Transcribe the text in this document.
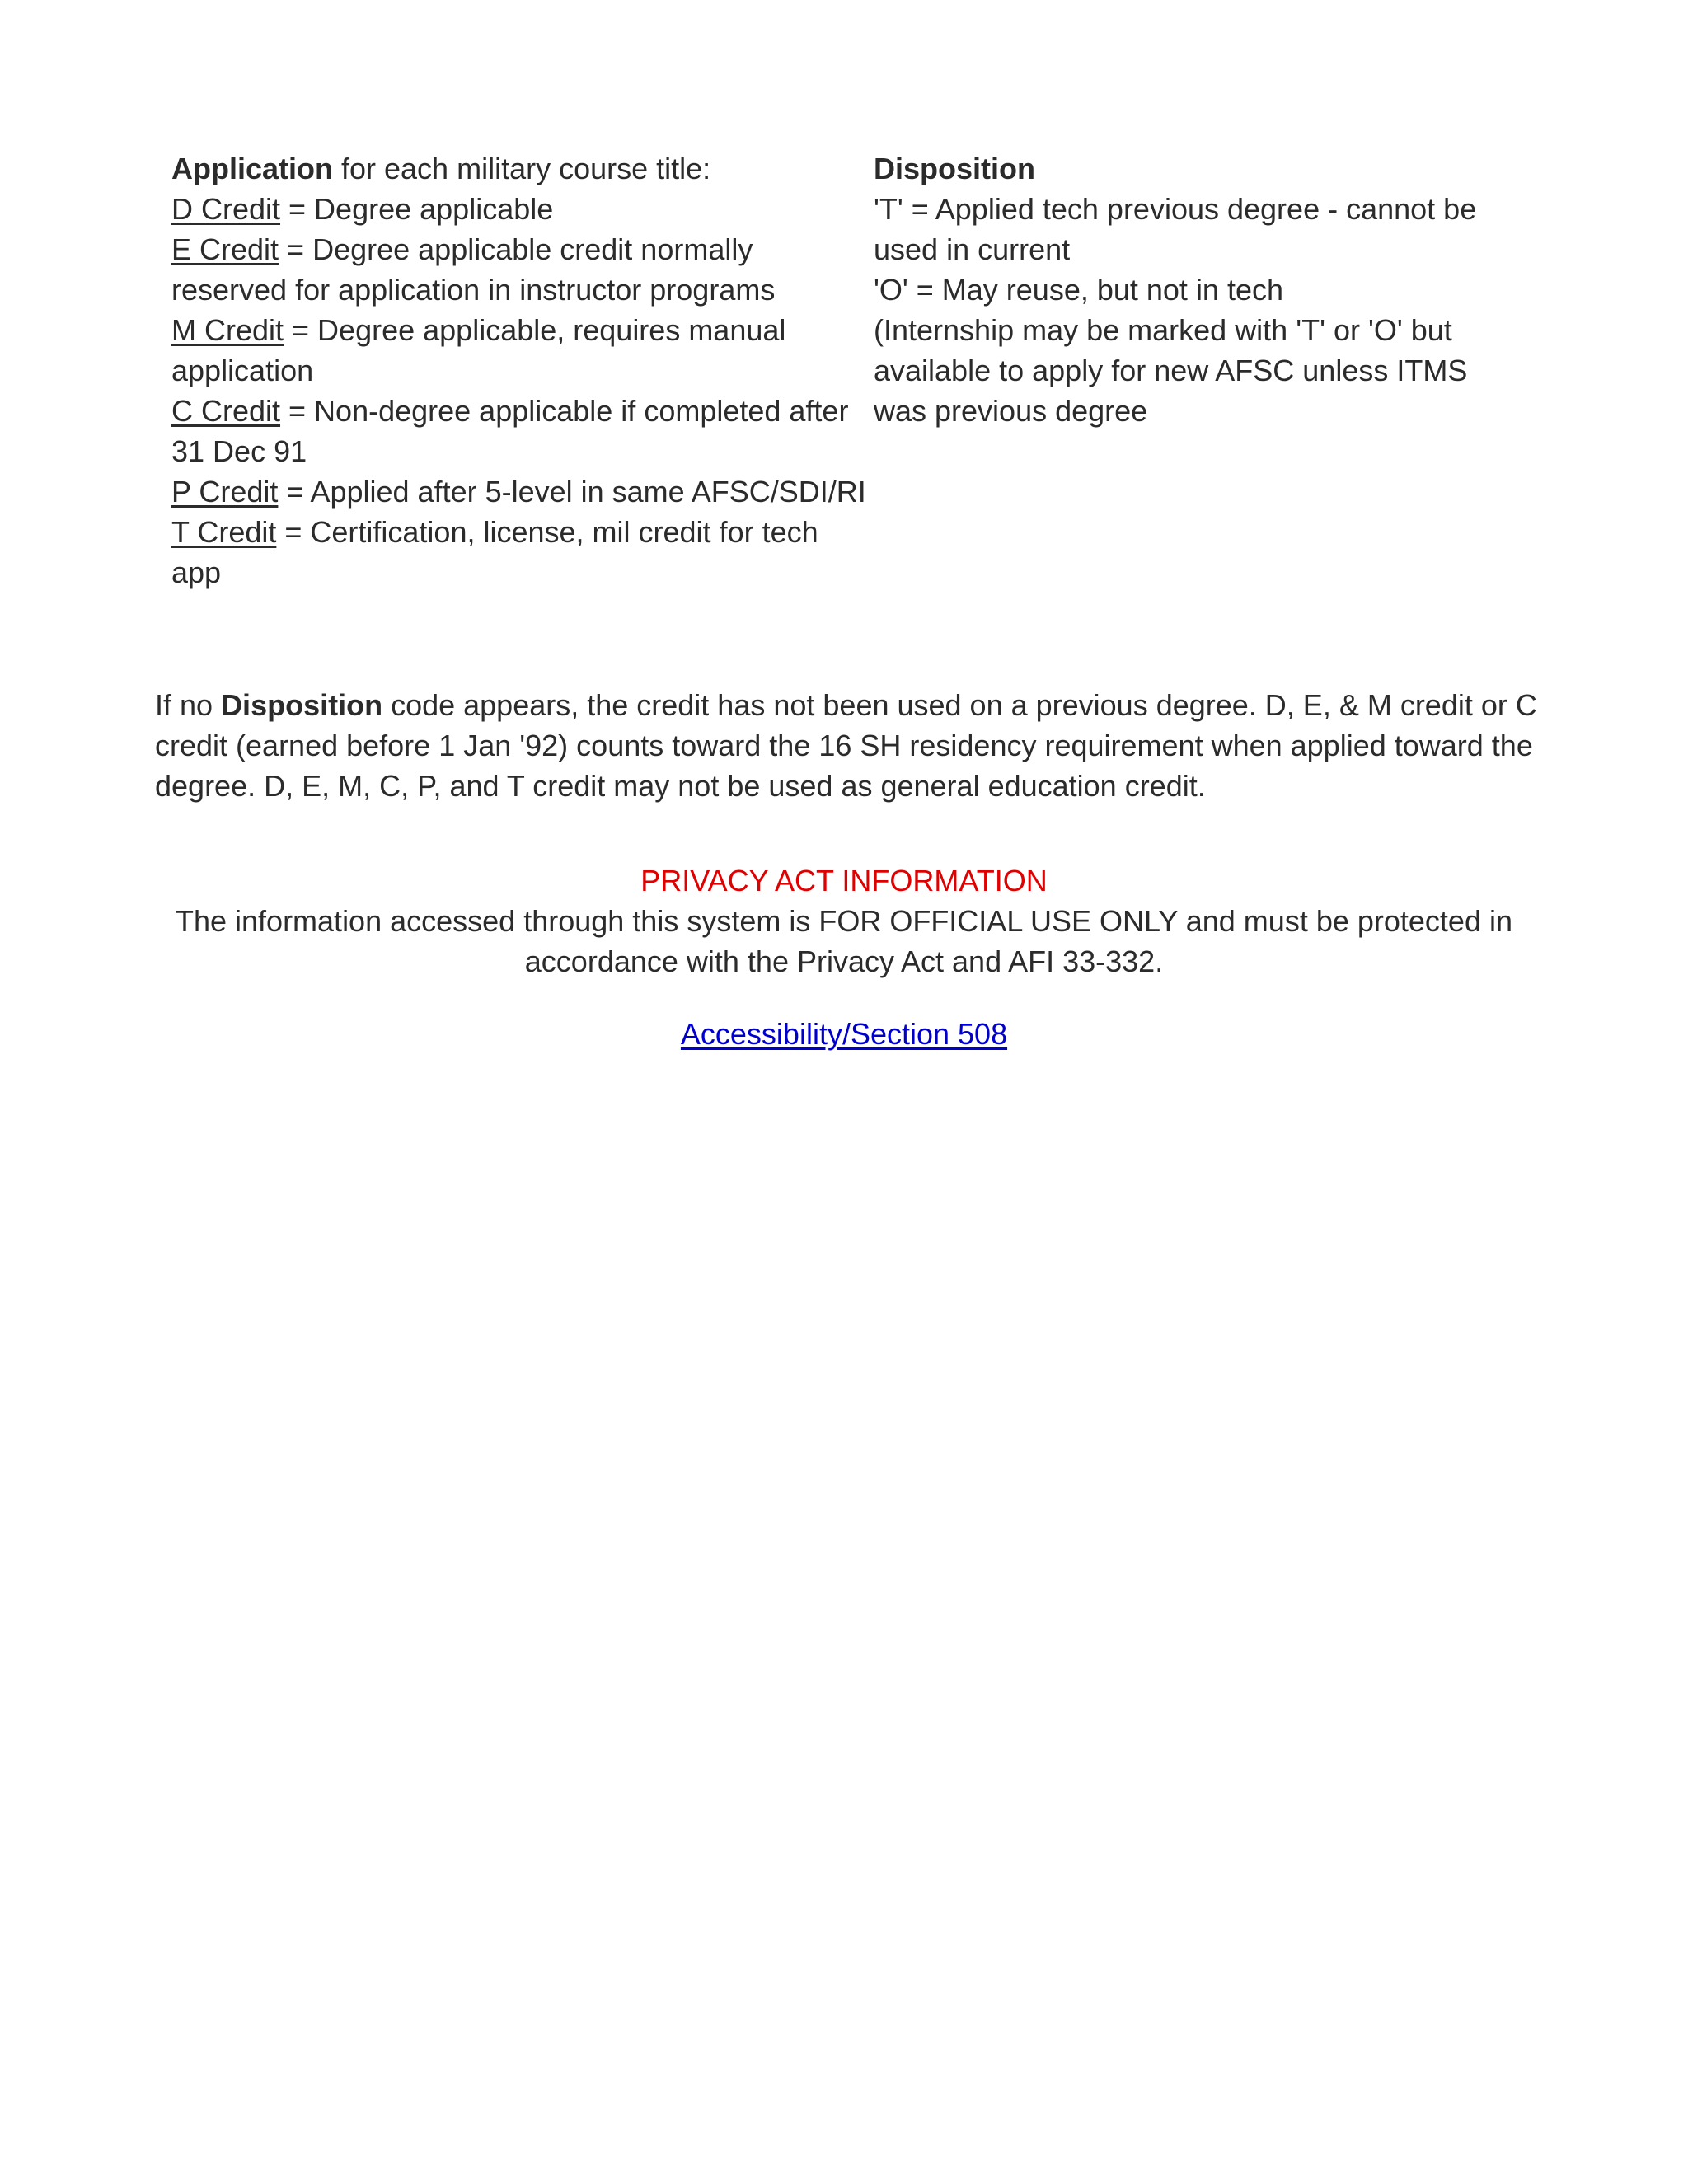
Application for each military course title:
D Credit = Degree applicable
E Credit = Degree applicable credit normally reserved for application in instructor programs
M Credit = Degree applicable, requires manual application
C Credit = Non-degree applicable if completed after 31 Dec 91
P Credit = Applied after 5-level in same AFSC/SDI/RI
T Credit = Certification, license, mil credit for tech app
Disposition
'T' = Applied tech previous degree - cannot be used in current
'O' = May reuse, but not in tech
(Internship may be marked with 'T' or 'O' but available to apply for new AFSC unless ITMS was previous degree
If no Disposition code appears, the credit has not been used on a previous degree. D, E, & M credit or C credit (earned before 1 Jan '92) counts toward the 16 SH residency requirement when applied toward the degree. D, E, M, C, P, and T credit may not be used as general education credit.
PRIVACY ACT INFORMATION
The information accessed through this system is FOR OFFICIAL USE ONLY and must be protected in accordance with the Privacy Act and AFI 33-332.
Accessibility/Section 508
